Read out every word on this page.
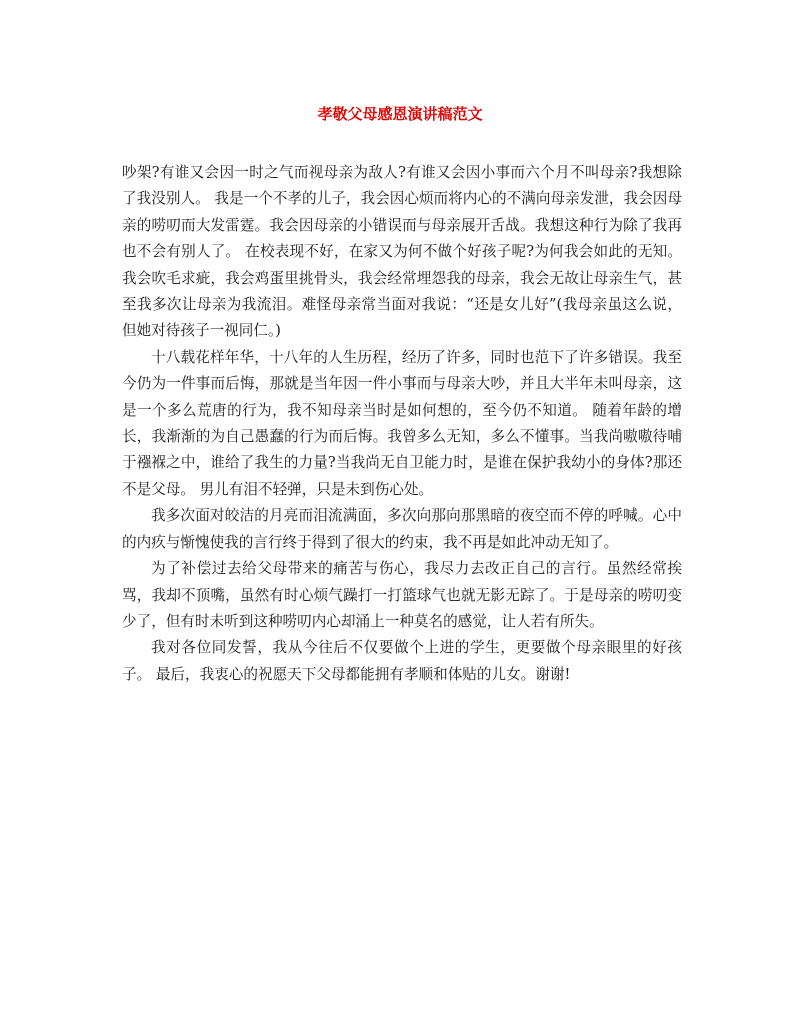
孝敬父母感恩演讲稿范文

吵架?有谁又会因一时之气而视母亲为敌人?有谁又会因小事而六个月不叫母亲?我想除了我没别人。 我是一个不孝的儿子，我会因心烦而将内心的不满向母亲发泄，我会因母亲的唠叨而大发雷霆。我会因母亲的小错误而与母亲展开舌战。我想这种行为除了我再也不会有别人了。 在校表现不好，在家又为何不做个好孩子呢?为何我会如此的无知。我会吹毛求疵，我会鸡蛋里挑骨头，我会经常埋怨我的母亲，我会无故让母亲生气，甚至我多次让母亲为我流泪。难怪母亲常当面对我说：“还是女儿好”(我母亲虽这么说，但她对待孩子一视同仁。)

十八载花样年华，十八年的人生历程，经历了许多，同时也范下了许多错误。我至今仍为一件事而后悔，那就是当年因一件小事而与母亲大吵，并且大半年未叫母亲，这是一个多么荒唐的行为，我不知母亲当时是如何想的，至今仍不知道。 随着年龄的增长，我渐渐的为自己愚蠢的行为而后悔。我曾多么无知，多么不懂事。当我尚嗷嗷待哺于襁褓之中，谁给了我生的力量?当我尚无自卫能力时，是谁在保护我幼小的身体?那还不是父母。 男儿有泪不轻弹，只是未到伤心处。

我多次面对皎洁的月亮而泪流满面，多次向那向那黑暗的夜空而不停的呼喊。心中的内疚与惭愧使我的言行终于得到了很大的约束，我不再是如此冲动无知了。

为了补偿过去给父母带来的痛苦与伤心，我尽力去改正自己的言行。虽然经常挨骂，我却不顶嘴，虽然有时心烦气躁打一打篮球气也就无影无踪了。于是母亲的唠叨变少了，但有时未听到这种唠叨内心却涌上一种莫名的感觉，让人若有所失。

我对各位同发誓，我从今往后不仅要做个上进的学生，更要做个母亲眼里的好孩子。 最后，我衷心的祝愿天下父母都能拥有孝顺和体贴的儿女。谢谢!
